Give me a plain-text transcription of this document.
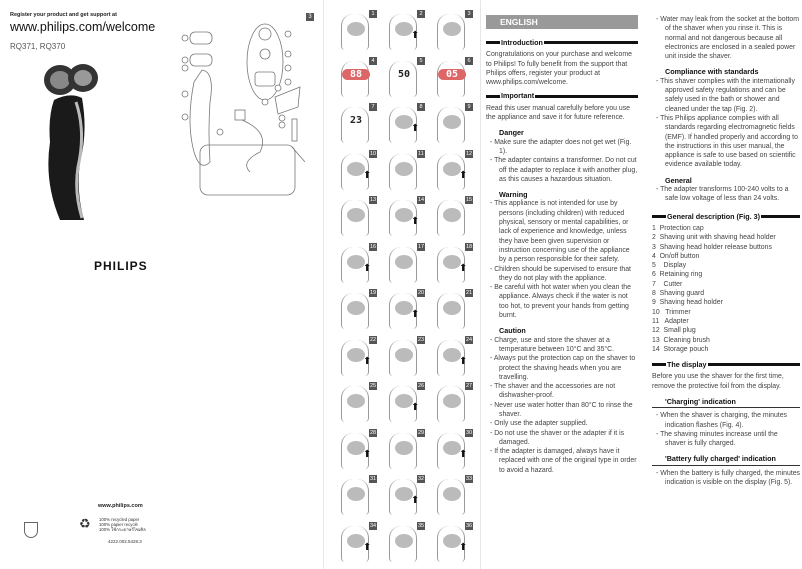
Register your product and get support at
www.philips.com/welcome
RQ371, RQ370
PHILIPS
3
www.philips.com
♻ 100% recycled paper
100% papier recyclé
100% ใช้กระดาษรีไซเคิล
4222.002.5428.3
1
⬆
2	3
88
4
50
5
05
6
23
7
⬆
8	9
⬆
10	11
⬆
12
13
⬆
14	15
⬆
16	17
⬆
18
19
⬆
20	21
⬆
22	23
⬆
24
25
⬆
26	27
⬆
28	29
⬆
30
31
⬆
32	33
⬆
34	35
⬆
36
ENGLISH
Introduction
Congratulations on your purchase and welcome to Philips! To fully benefit from the support that Philips offers, register your product at www.philips.com/welcome.
Important
Read this user manual carefully before you use the appliance and save it for future reference.
Danger
- Make sure the adapter does not get wet (Fig. 1).
- The adapter contains a transformer. Do not cut off the adapter to replace it with another plug, as this causes a hazardous situation.
Warning
- This appliance is not intended for use by persons (including children) with reduced physical, sensory or mental capabilities, or lack of experience and knowledge, unless they have been given supervision or instruction concerning use of the appliance by a person responsible for their safety.
- Children should be supervised to ensure that they do not play with the appliance.
- Be careful with hot water when you clean the appliance. Always check if the water is not too hot, to prevent your hands from getting burnt.
Caution
- Charge, use and store the shaver at a temperature between 10°C and 35°C.
- Always put the protection cap on the shaver to protect the shaving heads when you are travelling.
- The shaver and the accessories are not dishwasher-proof.
- Never use water hotter than 80°C to rinse the shaver.
- Only use the adapter supplied.
- Do not use the shaver or the adapter if it is damaged.
- If the adapter is damaged, always have it replaced with one of the original type in order to avoid a hazard.
- Water may leak from the socket at the bottom of the shaver when you rinse it. This is normal and not dangerous because all electronics are enclosed in a sealed power unit inside the shaver.
Compliance with standards
- This shaver complies with the internationally approved safety regulations and can be safely used in the bath or shower and cleaned under the tap (Fig. 2).
- This Philips appliance complies with all standards regarding electromagnetic fields (EMF). If handled properly and according to the instructions in this user manual, the appliance is safe to use based on scientific evidence available today.
General
- The adapter transforms 100-240 volts to a safe low voltage of less than 24 volts.
General description (Fig. 3)
1  Protection cap
2  Shaving unit with shaving head holder
3  Shaving head holder release buttons
4  On/off button
5    Display
6  Retaining ring
7    Cutter
8  Shaving guard
9  Shaving head holder
10   Trimmer
11   Adapter
12  Small plug
13  Cleaning brush
14  Storage pouch
The display
Before you use the shaver for the first time, remove the protective foil from the display.
'Charging' indication
- When the shaver is charging, the minutes indication flashes (Fig. 4).
- The shaving minutes increase until the shaver is fully charged.
'Battery fully charged' indication
- When the battery is fully charged, the minutes indication is visible on the display (Fig. 5).
